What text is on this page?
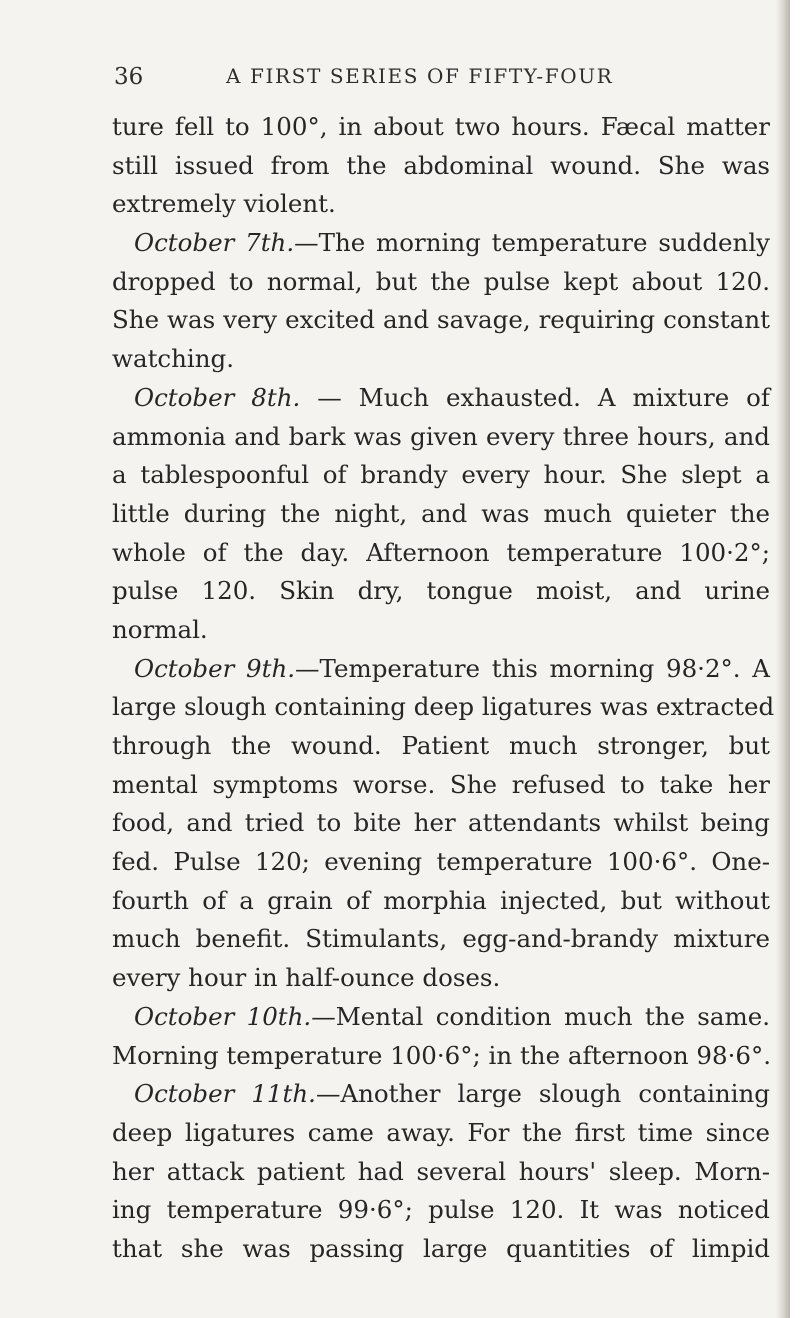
36	A FIRST SERIES OF FIFTY-FOUR
ture fell to 100°, in about two hours. Fæcal matter
still issued from the abdominal wound. She was
extremely violent.
October 7th.—The morning temperature suddenly
dropped to normal, but the pulse kept about 120.
She was very excited and savage, requiring constant
watching.
October 8th. — Much exhausted. A mixture of
ammonia and bark was given every three hours, and
a tablespoonful of brandy every hour. She slept a
little during the night, and was much quieter the
whole of the day. Afternoon temperature 100·2°;
pulse 120. Skin dry, tongue moist, and urine
normal.
October 9th.—Temperature this morning 98·2°. A
large slough containing deep ligatures was extracted
through the wound. Patient much stronger, but
mental symptoms worse. She refused to take her
food, and tried to bite her attendants whilst being
fed. Pulse 120; evening temperature 100·6°. One-
fourth of a grain of morphia injected, but without
much benefit. Stimulants, egg-and-brandy mixture
every hour in half-ounce doses.
October 10th.—Mental condition much the same.
Morning temperature 100·6°; in the afternoon 98·6°.
October 11th.—Another large slough containing
deep ligatures came away. For the first time since
her attack patient had several hours' sleep. Morn-
ing temperature 99·6°; pulse 120. It was noticed
that she was passing large quantities of limpid
